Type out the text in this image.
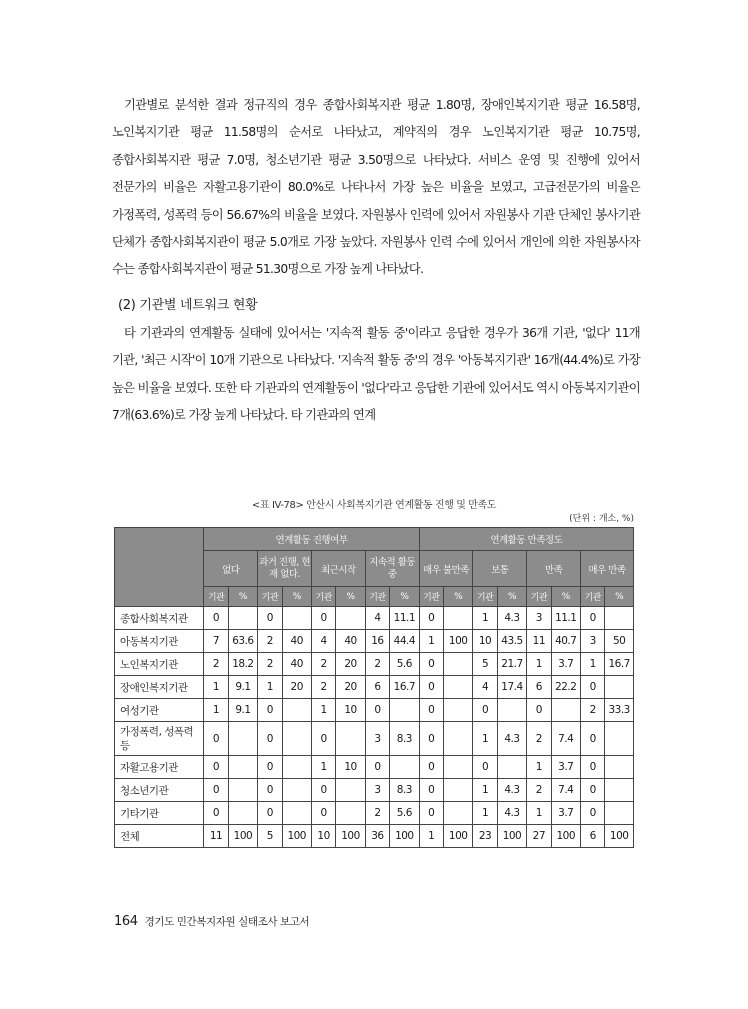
기관별로 분석한 결과 정규직의 경우 종합사회복지관 평균 1.80명, 장애인복지기관 평균 16.58명, 노인복지기관 평균 11.58명의 순서로 나타났고, 계약직의 경우 노인복지기관 평균 10.75명, 종합사회복지관 평균 7.0명, 청소년기관 평균 3.50명으로 나타났다. 서비스 운영 및 진행에 있어서 전문가의 비율은 자활고용기관이 80.0%로 나타나서 가장 높은 비율을 보였고, 고급전문가의 비율은 가정폭력, 성폭력 등이 56.67%의 비율을 보였다. 자원봉사 인력에 있어서 자원봉사 기관 단체인 봉사기관 단체가 종합사회복지관이 평균 5.0개로 가장 높았다. 자원봉사 인력 수에 있어서 개인에 의한 자원봉사자 수는 종합사회복지관이 평균 51.30명으로 가장 높게 나타났다.

(2) 기관별 네트워크 현황

타 기관과의 연계활동 실태에 있어서는 '지속적 활동 중'이라고 응답한 경우가 36개 기관, '없다' 11개 기관, '최근 시작'이 10개 기관으로 나타났다. '지속적 활동 중'의 경우 '아동복지기관' 16개(44.4%)로 가장 높은 비율을 보였다. 또한 타 기관과의 연계활동이 '없다'라고 응답한 기관에 있어서도 역시 아동복지기관이 7개(63.6%)로 가장 높게 나타났다. 타 기관과의 연계

<표 IV-78> 안산시 사회복지기관 연계활동 진행 및 만족도
(단위 : 개소, %)
	연계활동 진행여부								연계활동 만족정도							
	없다		과거 진행, 현재 없다.		최근시작		지속적 활동 중		매우 불만족		보통		만족		매우 만족	
	기관	%	기관	%	기관	%	기관	%	기관	%	기관	%	기관	%	기관	%
종합사회복지관	0		0		0		4	11.1	0		1	4.3	3	11.1	0	
아동복지기관	7	63.6	2	40	4	40	16	44.4	1	100	10	43.5	11	40.7	3	50
노인복지기관	2	18.2	2	40	2	20	2	5.6	0		5	21.7	1	3.7	1	16.7
장애인복지기관	1	9.1	1	20	2	20	6	16.7	0		4	17.4	6	22.2	0	
여성기관	1	9.1	0		1	10	0		0		0		0		2	33.3
가정폭력, 성폭력 등	0		0		0		3	8.3	0		1	4.3	2	7.4	0	
자활고용기관	0		0		1	10	0		0		0		1	3.7	0	
청소년기관	0		0		0		3	8.3	0		1	4.3	2	7.4	0	
기타기관	0		0		0		2	5.6	0		1	4.3	1	3.7	0	
전체	11	100	5	100	10	100	36	100	1	100	23	100	27	100	6	100
164 경기도 민간복지자원 실태조사 보고서
